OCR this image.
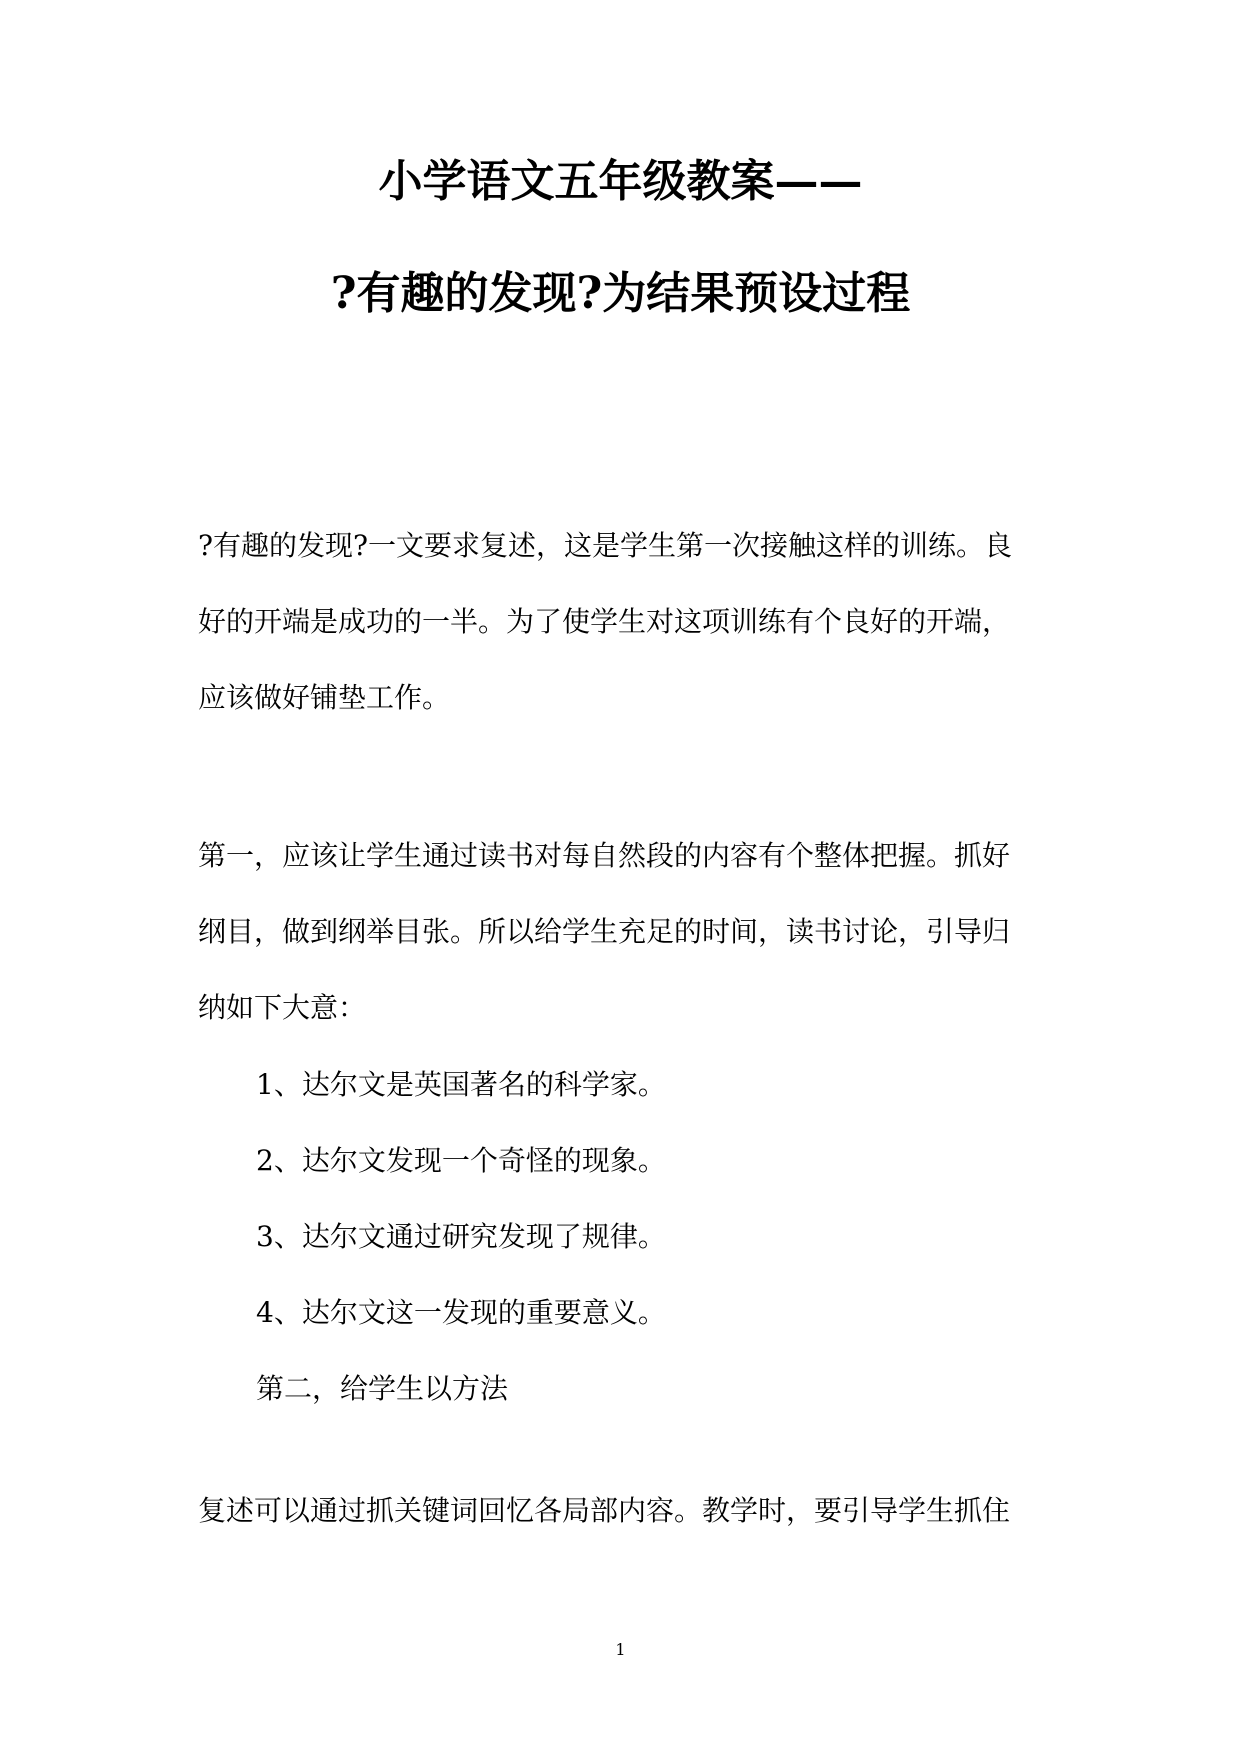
小学语文五年级教案——
?有趣的发现?为结果预设过程

?有趣的发现?一文要求复述，这是学生第一次接触这样的训练。良

好的开端是成功的一半。为了使学生对这项训练有个良好的开端，

应该做好铺垫工作。

第一，应该让学生通过读书对每自然段的内容有个整体把握。抓好

纲目，做到纲举目张。所以给学生充足的时间，读书讨论，引导归

纳如下大意：

1、达尔文是英国著名的科学家。

2、达尔文发现一个奇怪的现象。

3、达尔文通过研究发现了规律。

4、达尔文这一发现的重要意义。

第二，给学生以方法

复述可以通过抓关键词回忆各局部内容。教学时，要引导学生抓住

1
